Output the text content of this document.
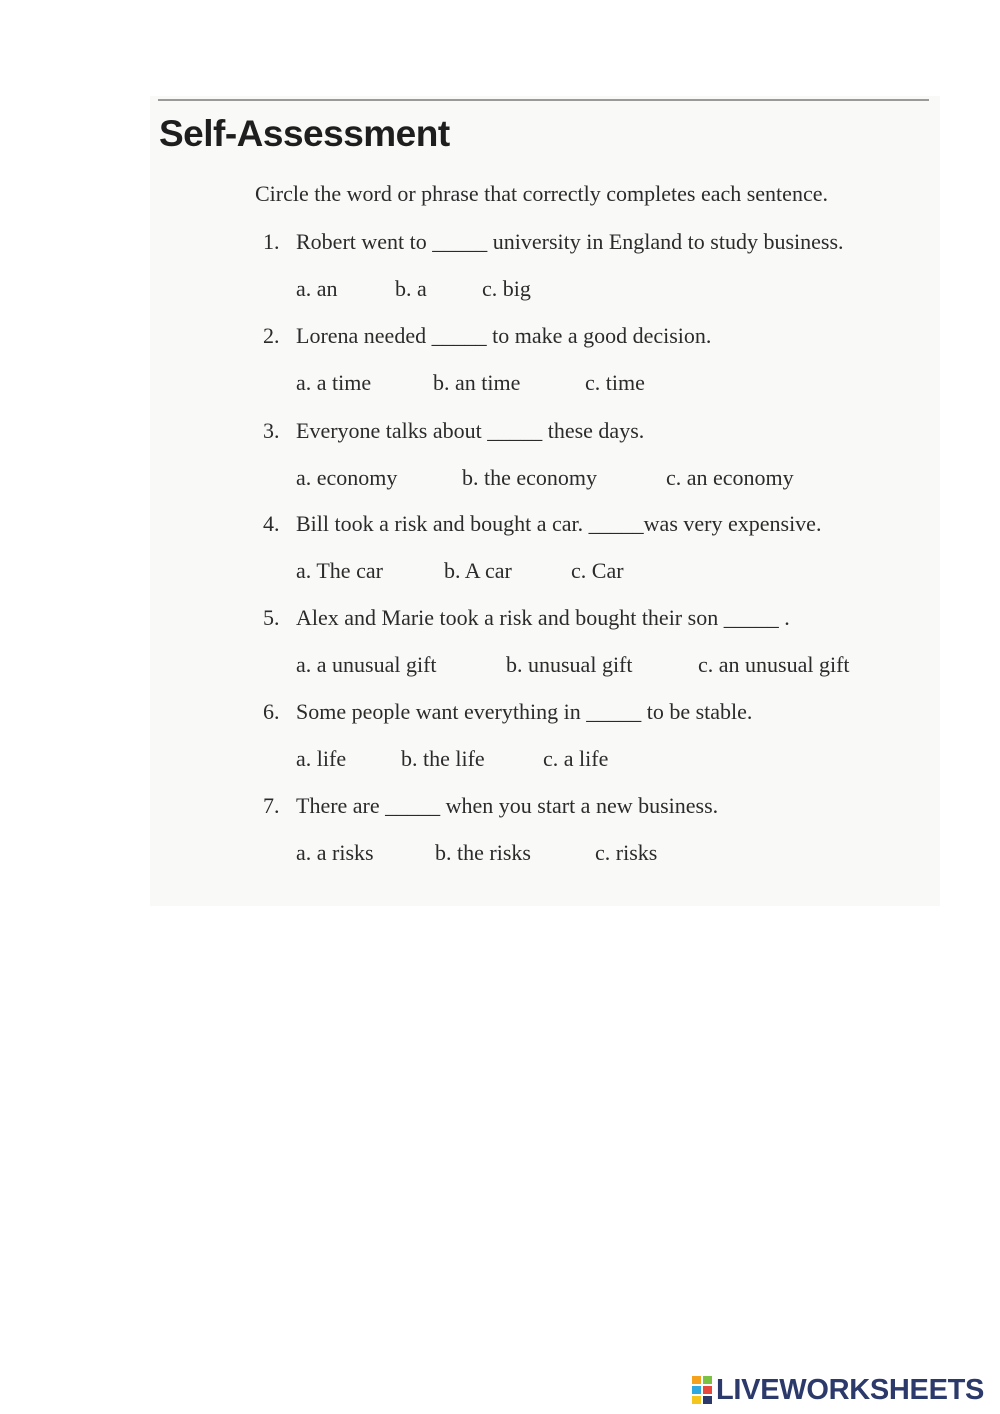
Self-Assessment

Circle the word or phrase that correctly completes each sentence.

1. Robert went to _____ university in England to study business.
a. an	b. a	c. big
2. Lorena needed _____ to make a good decision.
a. a time	b. an time	c. time
3. Everyone talks about _____ these days.
a. economy	b. the economy	c. an economy
4. Bill took a risk and bought a car. _____was very expensive.
a. The car	b. A car	c. Car
5. Alex and Marie took a risk and bought their son _____ .
a. a unusual gift	b. unusual gift	c. an unusual gift
6. Some people want everything in _____ to be stable.
a. life b. the life	c. a life
7. There are _____ when you start a new business.
a. a risks	b. the risks	c. risks
LIVEWORKSHEETS
